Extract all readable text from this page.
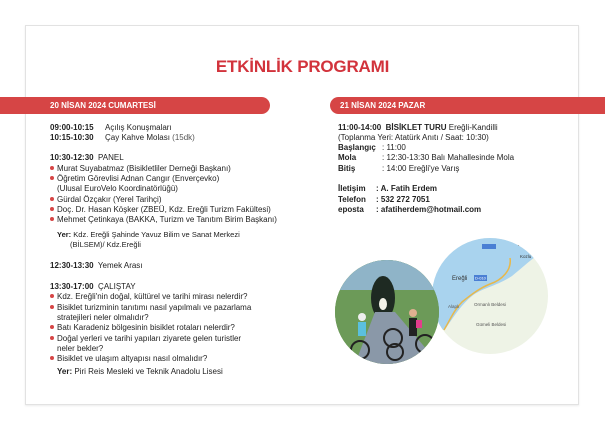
ETKİNLİK PROGRAMI
20 NİSAN 2024 CUMARTESİ	21 NİSAN 2024 PAZAR
09:00-10:15 Açılış Konuşmaları
10:15-10:30 Çay Kahve Molası (15dk)
10:30-12:30 PANEL
Murat Suyabatmaz (Bisikletliler Derneği Başkanı)
Öğretim Görevlisi Adnan Cangır (Enverçevko)
(Ulusal EuroVelo Koordinatörlüğü)
Gürdal Özçakır (Yerel Tarihçi)
Doç. Dr. Hasan Köşker (ZBEÜ, Kdz. Ereğli Turizm Fakültesi)
Mehmet Çetinkaya (BAKKA, Turizm ve Tanıtım Birim Başkanı)
Yer: Kdz. Ereğli Şahinde Yavuz Bilim ve Sanat Merkezi
(BİLSEM)/ Kdz.Ereğli
12:30-13:30 Yemek Arası
13:30-17:00 ÇALIŞTAY
Kdz. Ereğli'nin doğal, kültürel ve tarihi mirası nelerdir?
Bisiklet turizminin tanıtımı nasıl yapılmalı ve pazarlama
stratejileri neler olmalıdır?
Batı Karadeniz bölgesinin bisiklet rotaları nelerdir?
Doğal yerleri ve tarihi yapıları ziyarete gelen turistler
neler bekler?
Bisiklet ve ulaşım altyapısı nasıl olmalıdır?
Yer: Piri Reis Mesleki ve Teknik Anadolu Lisesi
11:00-14:00 BİSİKLET TURU Ereğli-Kandilli
(Toplanma Yeri: Atatürk Anıtı / Saat: 10:30)
Başlangıç : 11:00
Mola	: 12:30-13:30 Balı Mahallesinde Mola
Bitiş	: 14:00 Ereğli'ye Varış
İletişim : A. Fatih Erdem
Telefon : 532 272 7051
eposta : afatiherdem@hotmail.com
Zonguldak
Kozlu
Ereğli D-010
Alaplı	Ormanlı Beldesi
Gümeli Beldesi
